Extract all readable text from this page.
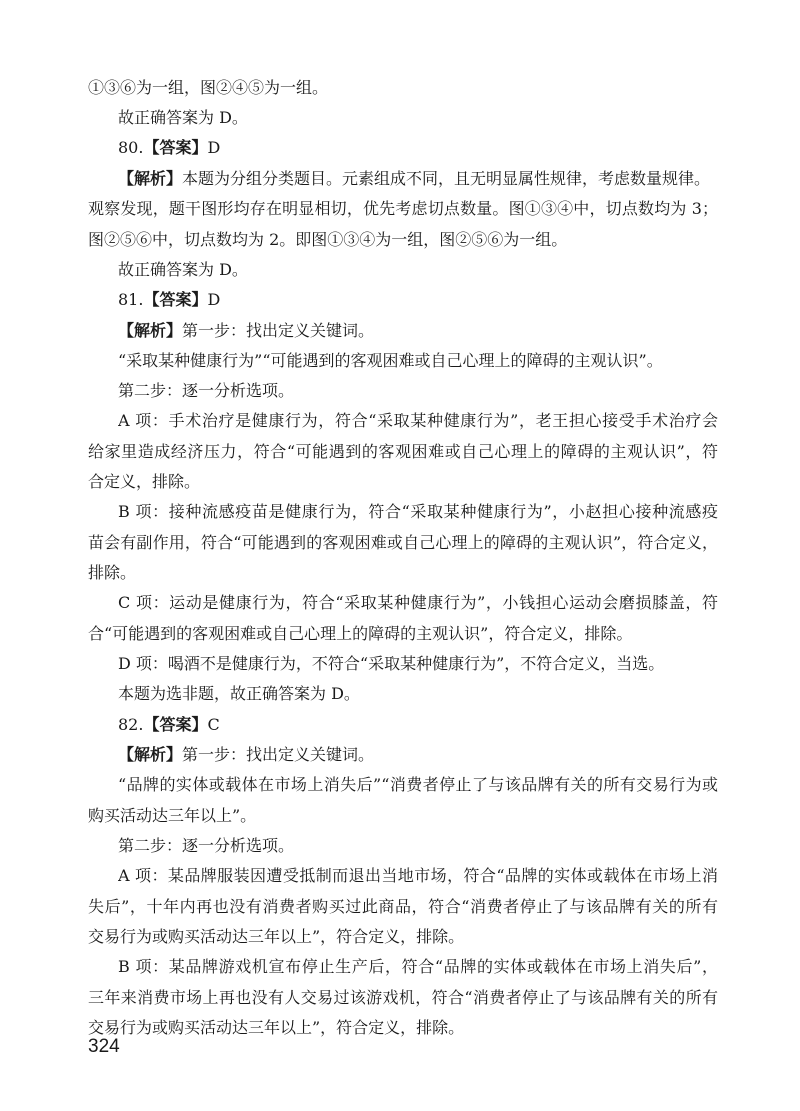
①③⑥为一组，图②④⑤为一组。
故正确答案为 D。
80.【答案】D
【解析】本题为分组分类题目。元素组成不同，且无明显属性规律，考虑数量规律。
观察发现，题干图形均存在明显相切，优先考虑切点数量。图①③④中，切点数均为 3；
图②⑤⑥中，切点数均为 2。即图①③④为一组，图②⑤⑥为一组。
故正确答案为 D。
81.【答案】D
【解析】第一步：找出定义关键词。
“采取某种健康行为”“可能遇到的客观困难或自己心理上的障碍的主观认识”。
第二步：逐一分析选项。
A 项：手术治疗是健康行为，符合“采取某种健康行为”，老王担心接受手术治疗会
给家里造成经济压力，符合“可能遇到的客观困难或自己心理上的障碍的主观认识”，符
合定义，排除。
B 项：接种流感疫苗是健康行为，符合“采取某种健康行为”，小赵担心接种流感疫
苗会有副作用，符合“可能遇到的客观困难或自己心理上的障碍的主观认识”，符合定义，
排除。
C 项：运动是健康行为，符合“采取某种健康行为”，小钱担心运动会磨损膝盖，符
合“可能遇到的客观困难或自己心理上的障碍的主观认识”，符合定义，排除。
D 项：喝酒不是健康行为，不符合“采取某种健康行为”，不符合定义，当选。
本题为选非题，故正确答案为 D。
82.【答案】C
【解析】第一步：找出定义关键词。
“品牌的实体或载体在市场上消失后”“消费者停止了与该品牌有关的所有交易行为或
购买活动达三年以上”。
第二步：逐一分析选项。
A 项：某品牌服装因遭受抵制而退出当地市场，符合“品牌的实体或载体在市场上消
失后”，十年内再也没有消费者购买过此商品，符合“消费者停止了与该品牌有关的所有
交易行为或购买活动达三年以上”，符合定义，排除。
B 项：某品牌游戏机宣布停止生产后，符合“品牌的实体或载体在市场上消失后”，
三年来消费市场上再也没有人交易过该游戏机，符合“消费者停止了与该品牌有关的所有
交易行为或购买活动达三年以上”，符合定义，排除。
324
